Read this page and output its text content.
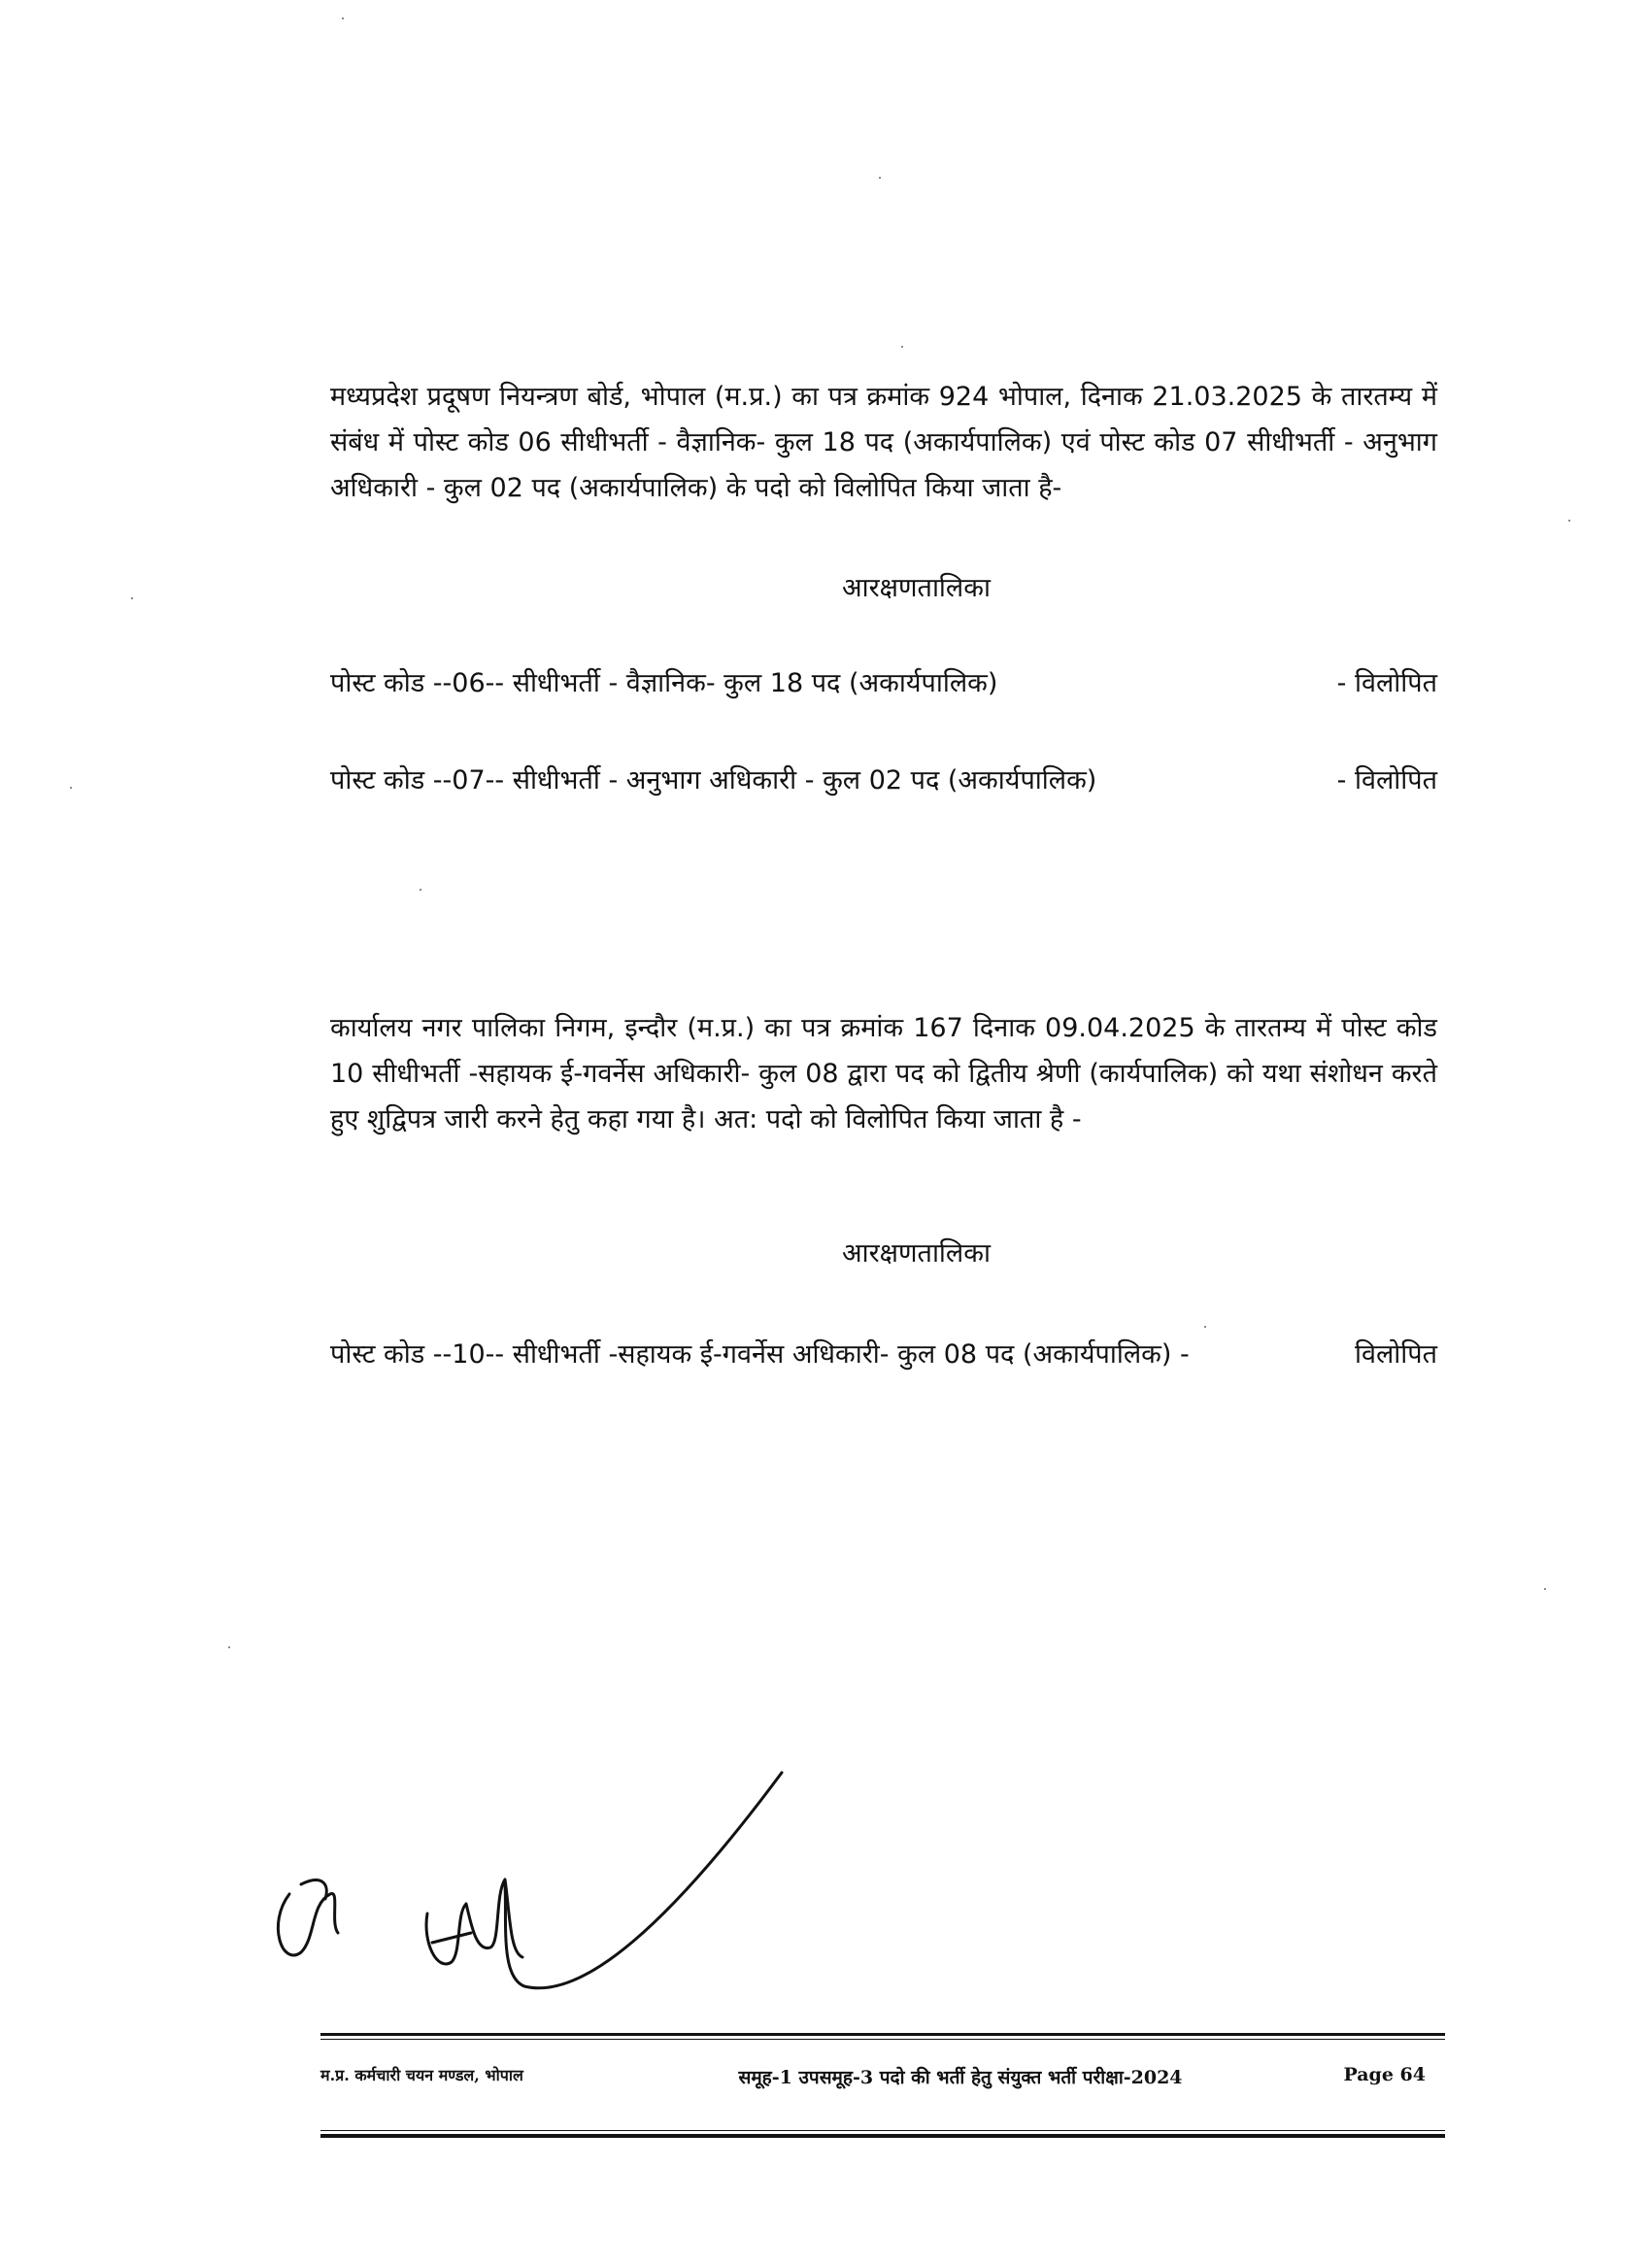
मध्यप्रदेश प्रदूषण नियन्त्रण बोर्ड, भोपाल (म.प्र.) का पत्र क्रमांक 924 भोपाल, दिनाक 21.03.2025 के तारतम्य में संबंध में पोस्ट कोड 06 सीधीभर्ती - वैज्ञानिक- कुल 18 पद (अकार्यपालिक) एवं पोस्ट कोड 07 सीधीभर्ती - अनुभाग अधिकारी - कुल 02 पद (अकार्यपालिक) के पदो को विलोपित किया जाता है-
आरक्षणतालिका
पोस्ट कोड --06-- सीधीभर्ती - वैज्ञानिक- कुल 18 पद (अकार्यपालिक)	- विलोपित
पोस्ट कोड --07-- सीधीभर्ती - अनुभाग अधिकारी - कुल 02 पद (अकार्यपालिक)	- विलोपित
कार्यालय नगर पालिका निगम, इन्दौर (म.प्र.) का पत्र क्रमांक 167 दिनाक 09.04.2025 के तारतम्य में पोस्ट कोड 10 सीधीभर्ती -सहायक ई-गवर्नेस अधिकारी- कुल 08 द्वारा पद को द्वितीय श्रेणी (कार्यपालिक) को यथा संशोधन करते हुए शुद्विपत्र जारी करने हेतु कहा गया है। अत: पदो को विलोपित किया जाता है -
आरक्षणतालिका
पोस्ट कोड --10-- सीधीभर्ती -सहायक ई-गवर्नेस अधिकारी- कुल 08 पद (अकार्यपालिक) -	विलोपित
म.प्र. कर्मचारी चयन मण्डल, भोपाल	समूह-1 उपसमूह-3 पदो की भर्ती हेतु संयुक्त भर्ती परीक्षा-2024	Page 64
